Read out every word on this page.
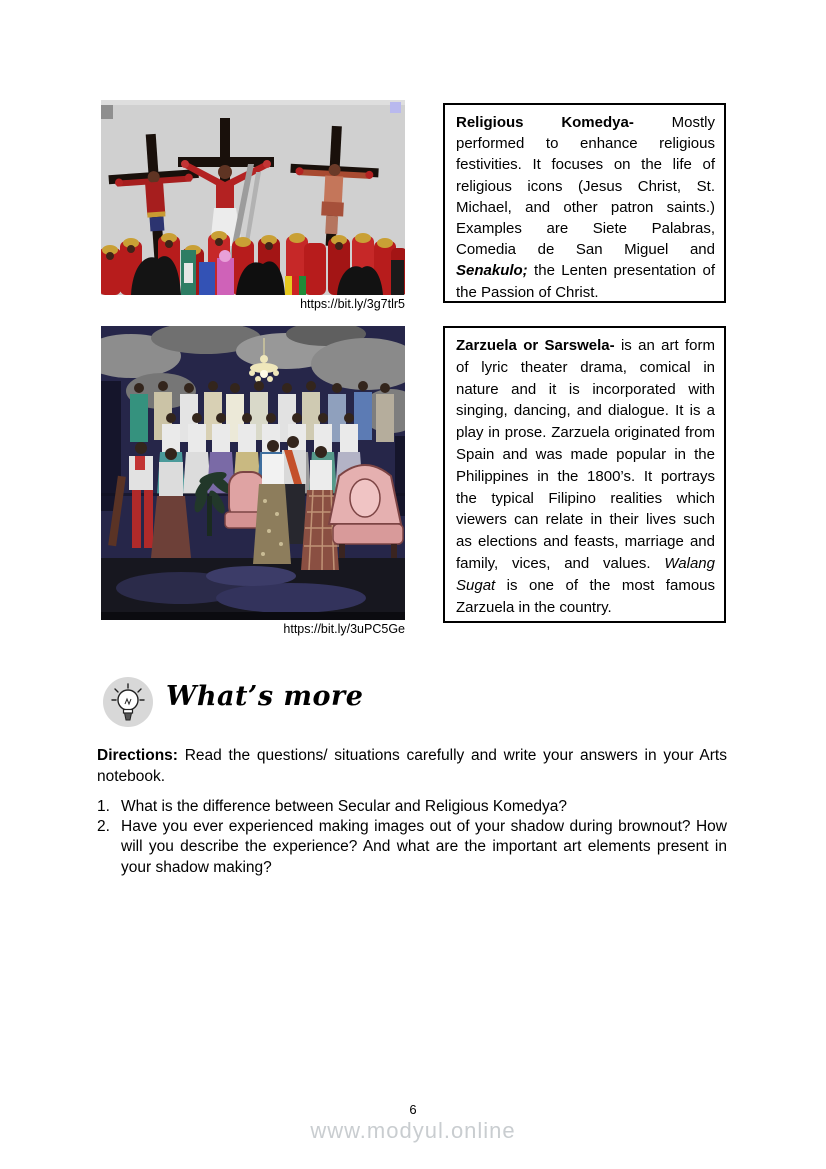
https://bit.ly/3g7tlr5
Religious Komedya- Mostly performed to enhance religious festivities. It focuses on the life of religious icons (Jesus Christ, St. Michael, and other patron saints.) Examples are Siete Palabras, Comedia de San Miguel and Senakulo; the Lenten presentation of the Passion of Christ.
https://bit.ly/3uPC5Ge
Zarzuela or Sarswela- is an art form of lyric theater drama, comical in nature and it is incorporated with singing, dancing, and dialogue. It is a play in prose. Zarzuela originated from Spain and was made popular in the Philippines in the 1800’s. It portrays the typical Filipino realities which viewers can relate in their lives such as elections and feasts, marriage and family, vices, and values. Walang Sugat is one of the most famous Zarzuela in the country.
What’s more

Directions: Read the questions/ situations carefully and write your answers in your Arts notebook.

1. What is the difference between Secular and Religious Komedya?
2. Have you ever experienced making images out of your shadow during brownout? How will you describe the experience? And what are the important art elements present in your shadow making?
6
www.modyul.online
